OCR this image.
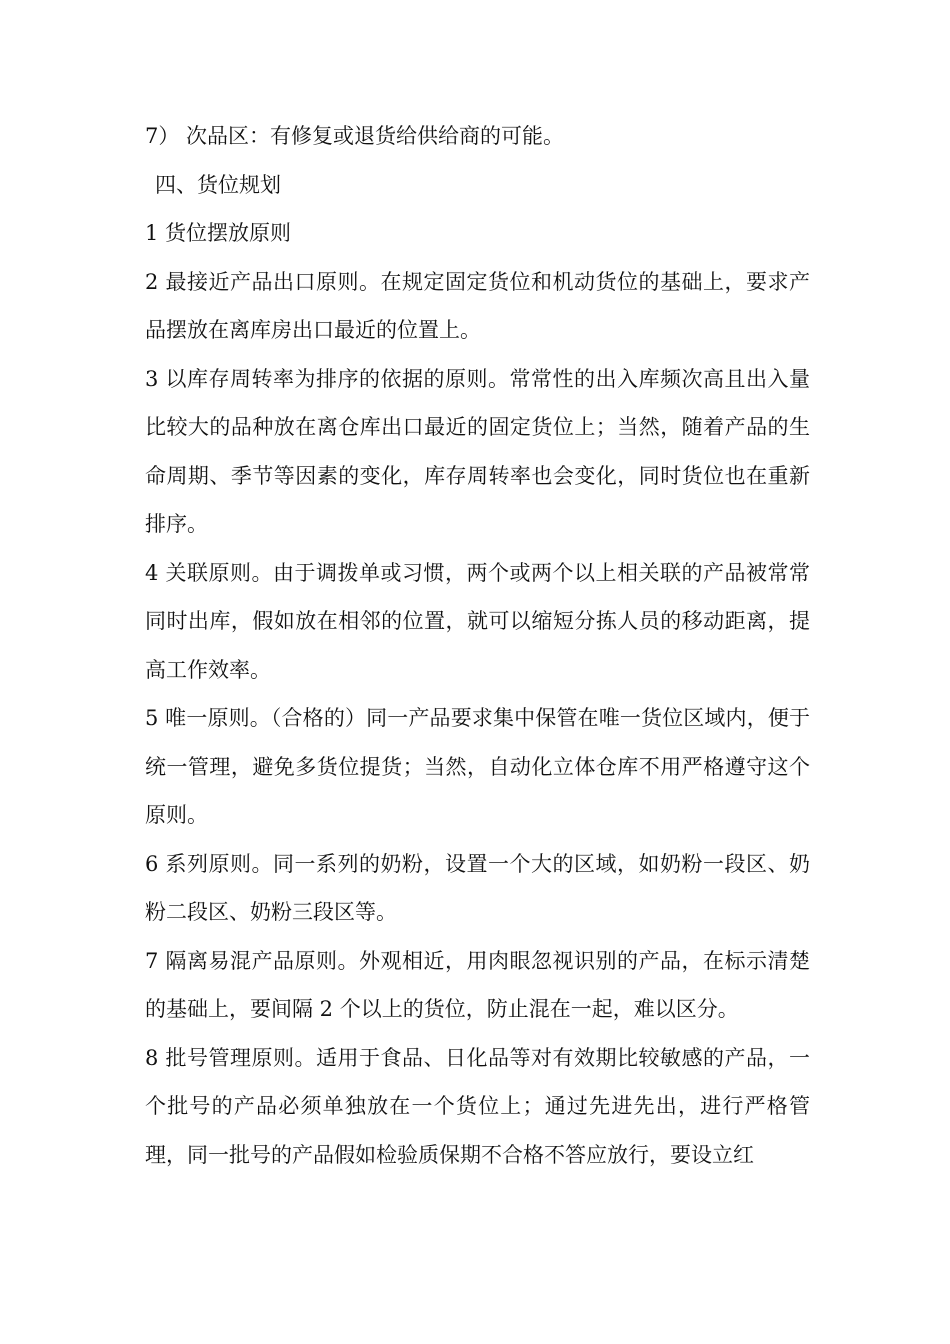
7） 次品区：有修复或退货给供给商的可能。

四、货位规划

1 货位摆放原则

2 最接近产品出口原则。在规定固定货位和机动货位的基础上，要求产品摆放在离库房出口最近的位置上。

3 以库存周转率为排序的依据的原则。常常性的出入库频次高且出入量比较大的品种放在离仓库出口最近的固定货位上；当然，随着产品的生命周期、季节等因素的变化，库存周转率也会变化，同时货位也在重新排序。

4 关联原则。由于调拨单或习惯，两个或两个以上相关联的产品被常常同时出库，假如放在相邻的位置，就可以缩短分拣人员的移动距离，提高工作效率。

5 唯一原则。（合格的）同一产品要求集中保管在唯一货位区域内，便于统一管理，避免多货位提货；当然，自动化立体仓库不用严格遵守这个原则。

6 系列原则。同一系列的奶粉，设置一个大的区域，如奶粉一段区、奶粉二段区、奶粉三段区等。

7 隔离易混产品原则。外观相近，用肉眼忽视识别的产品，在标示清楚的基础上，要间隔 2 个以上的货位，防止混在一起，难以区分。

8 批号管理原则。适用于食品、日化品等对有效期比较敏感的产品，一个批号的产品必须单独放在一个货位上；通过先进先出，进行严格管理，同一批号的产品假如检验质保期不合格不答应放行，要设立红
